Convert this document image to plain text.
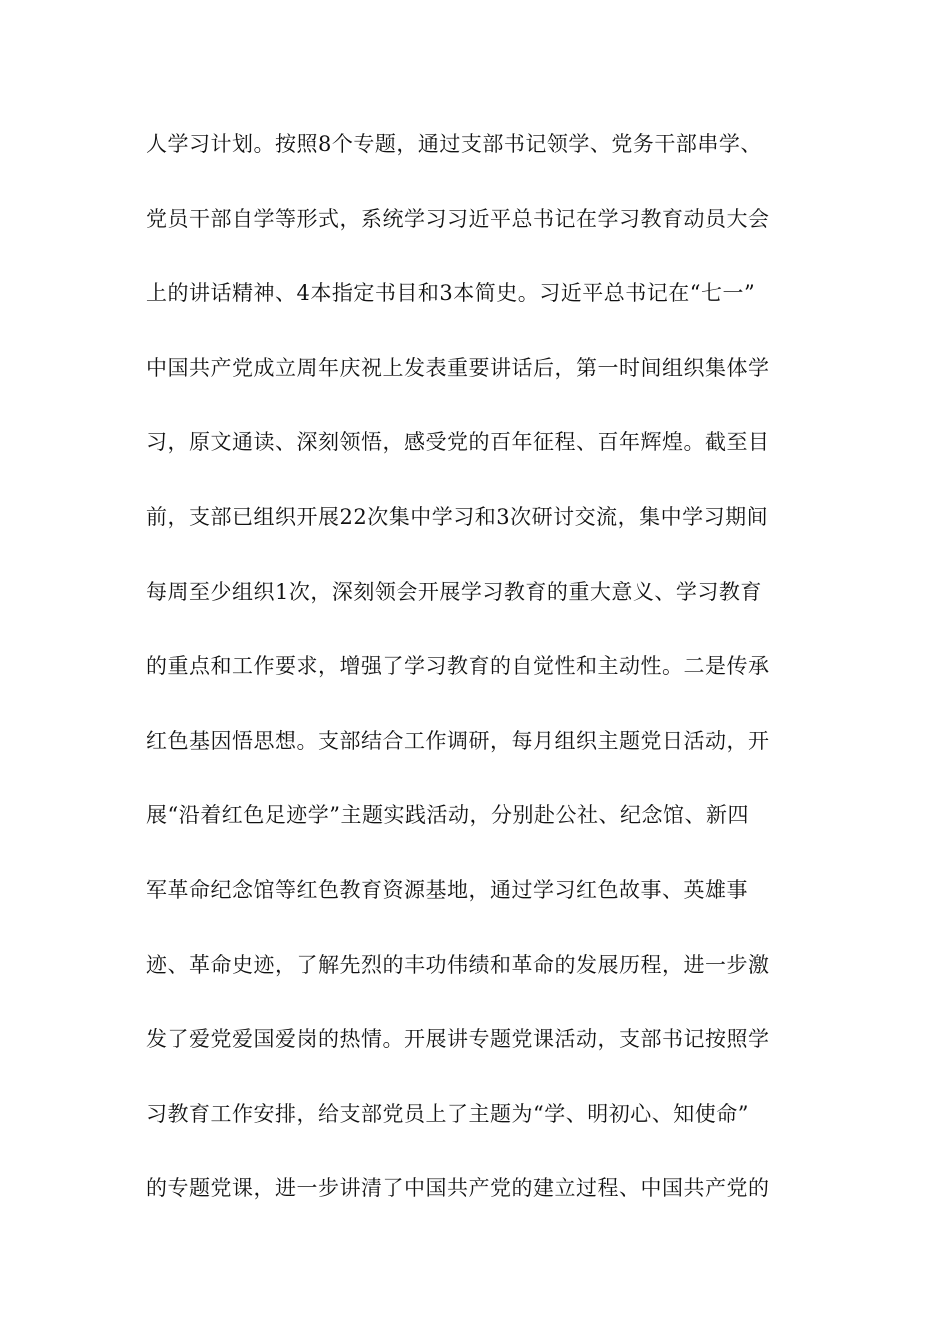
人学习计划。按照8个专题，通过支部书记领学、党务干部串学、
党员干部自学等形式，系统学习习近平总书记在学习教育动员大会
上的讲话精神、4本指定书目和3本简史。习近平总书记在“七一”
中国共产党成立周年庆祝上发表重要讲话后，第一时间组织集体学
习，原文通读、深刻领悟，感受党的百年征程、百年辉煌。截至目
前，支部已组织开展22次集中学习和3次研讨交流，集中学习期间
每周至少组织1次，深刻领会开展学习教育的重大意义、学习教育
的重点和工作要求，增强了学习教育的自觉性和主动性。二是传承
红色基因悟思想。支部结合工作调研，每月组织主题党日活动，开
展“沿着红色足迹学”主题实践活动，分别赴公社、纪念馆、新四
军革命纪念馆等红色教育资源基地，通过学习红色故事、英雄事
迹、革命史迹，了解先烈的丰功伟绩和革命的发展历程，进一步激
发了爱党爱国爱岗的热情。开展讲专题党课活动，支部书记按照学
习教育工作安排，给支部党员上了主题为“学、明初心、知使命”
的专题党课，进一步讲清了中国共产党的建立过程、中国共产党的
